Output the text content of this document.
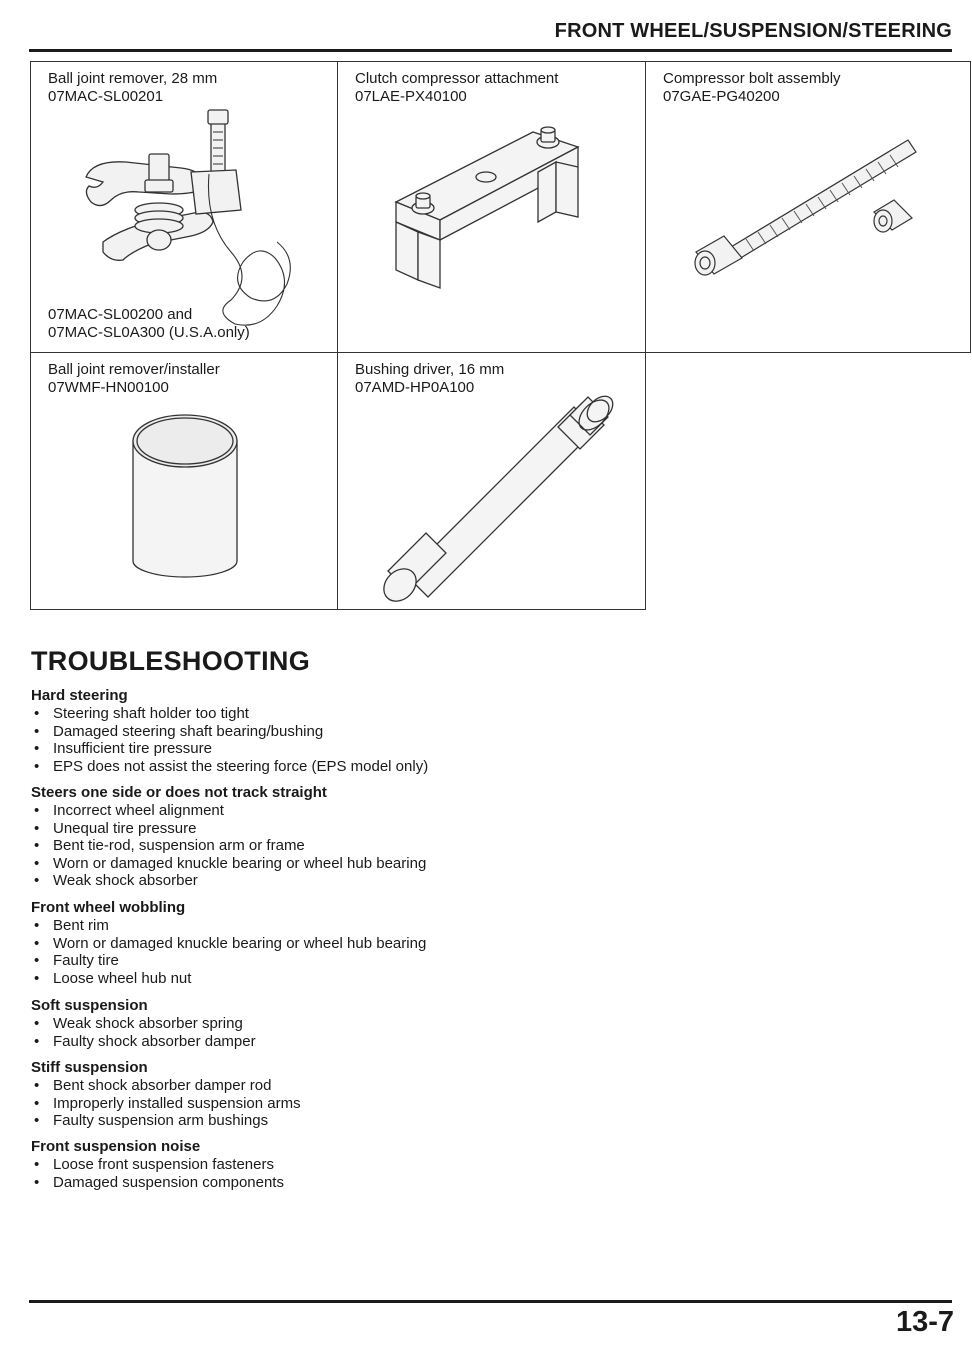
FRONT WHEEL/SUSPENSION/STEERING
Ball joint remover, 28 mm
07MAC-SL00201
07MAC-SL00200 and
07MAC-SL0A300 (U.S.A.only)
Clutch compressor attachment
07LAE-PX40100
Compressor bolt assembly
07GAE-PG40200
Ball joint remover/installer
07WMF-HN00100
Bushing driver, 16 mm
07AMD-HP0A100
TROUBLESHOOTING
Hard steering
• Steering shaft holder too tight
• Damaged steering shaft bearing/bushing
• Insufficient tire pressure
• EPS does not assist the steering force (EPS model only)
Steers one side or does not track straight
• Incorrect wheel alignment
• Unequal tire pressure
• Bent tie-rod, suspension arm or frame
• Worn or damaged knuckle bearing or wheel hub bearing
• Weak shock absorber
Front wheel wobbling
• Bent rim
• Worn or damaged knuckle bearing or wheel hub bearing
• Faulty tire
• Loose wheel hub nut
Soft suspension
• Weak shock absorber spring
• Faulty shock absorber damper
Stiff suspension
• Bent shock absorber damper rod
• Improperly installed suspension arms
• Faulty suspension arm bushings
Front suspension noise
• Loose front suspension fasteners
• Damaged suspension components
13-7
